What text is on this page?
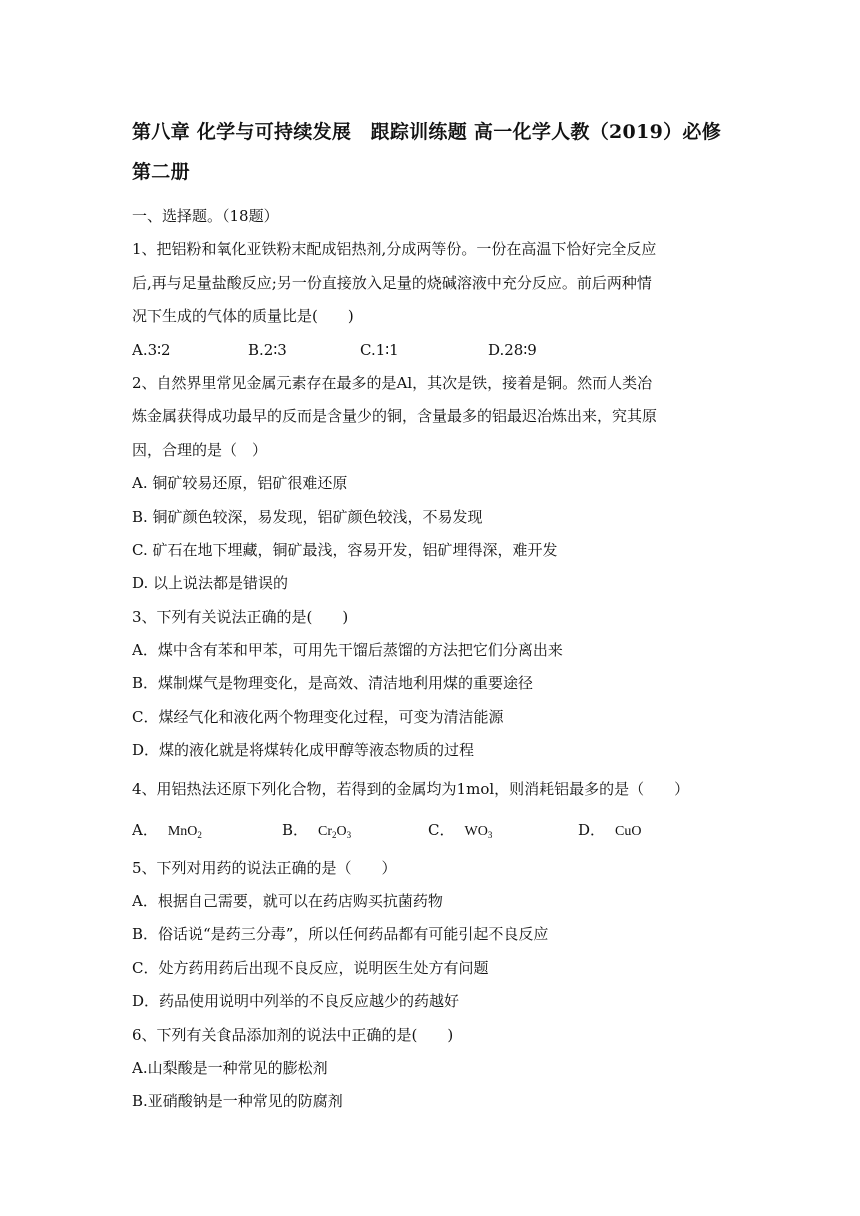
第八章 化学与可持续发展　跟踪训练题 高一化学人教（2019）必修
第二册
一、选择题。（18题）
1、把铝粉和氧化亚铁粉末配成铝热剂,分成两等份。一份在高温下恰好完全反应
后,再与足量盐酸反应;另一份直接放入足量的烧碱溶液中充分反应。前后两种情
况下生成的气体的质量比是(　　)
A.3∶2	B.2∶3	C.1∶1	D.28∶9
2、自然界里常见金属元素存在最多的是Al，其次是铁，接着是铜。然而人类冶
炼金属获得成功最早的反而是含量少的铜，含量最多的铝最迟冶炼出来，究其原
因，合理的是（　）
A. 铜矿较易还原，铝矿很难还原
B. 铜矿颜色较深，易发现，铝矿颜色较浅，不易发现
C. 矿石在地下埋藏，铜矿最浅，容易开发，铝矿埋得深，难开发
D. 以上说法都是错误的
3、下列有关说法正确的是(　　)
A．煤中含有苯和甲苯，可用先干馏后蒸馏的方法把它们分离出来
B．煤制煤气是物理变化，是高效、清洁地利用煤的重要途径
C．煤经气化和液化两个物理变化过程，可变为清洁能源
D．煤的液化就是将煤转化成甲醇等液态物质的过程
4、用铝热法还原下列化合物，若得到的金属均为1mol，则消耗铝最多的是（　　）
A． MnO$_2$	B． $Cr_2O_3$	C． $WO_3$	D． CuO
5、下列对用药的说法正确的是（　　）
A．根据自己需要，就可以在药店购买抗菌药物
B．俗话说“是药三分毒”，所以任何药品都有可能引起不良反应
C．处方药用药后出现不良反应，说明医生处方有问题
D．药品使用说明中列举的不良反应越少的药越好
6、下列有关食品添加剂的说法中正确的是(　　)
A.山梨酸是一种常见的膨松剂
B.亚硝酸钠是一种常见的防腐剂
